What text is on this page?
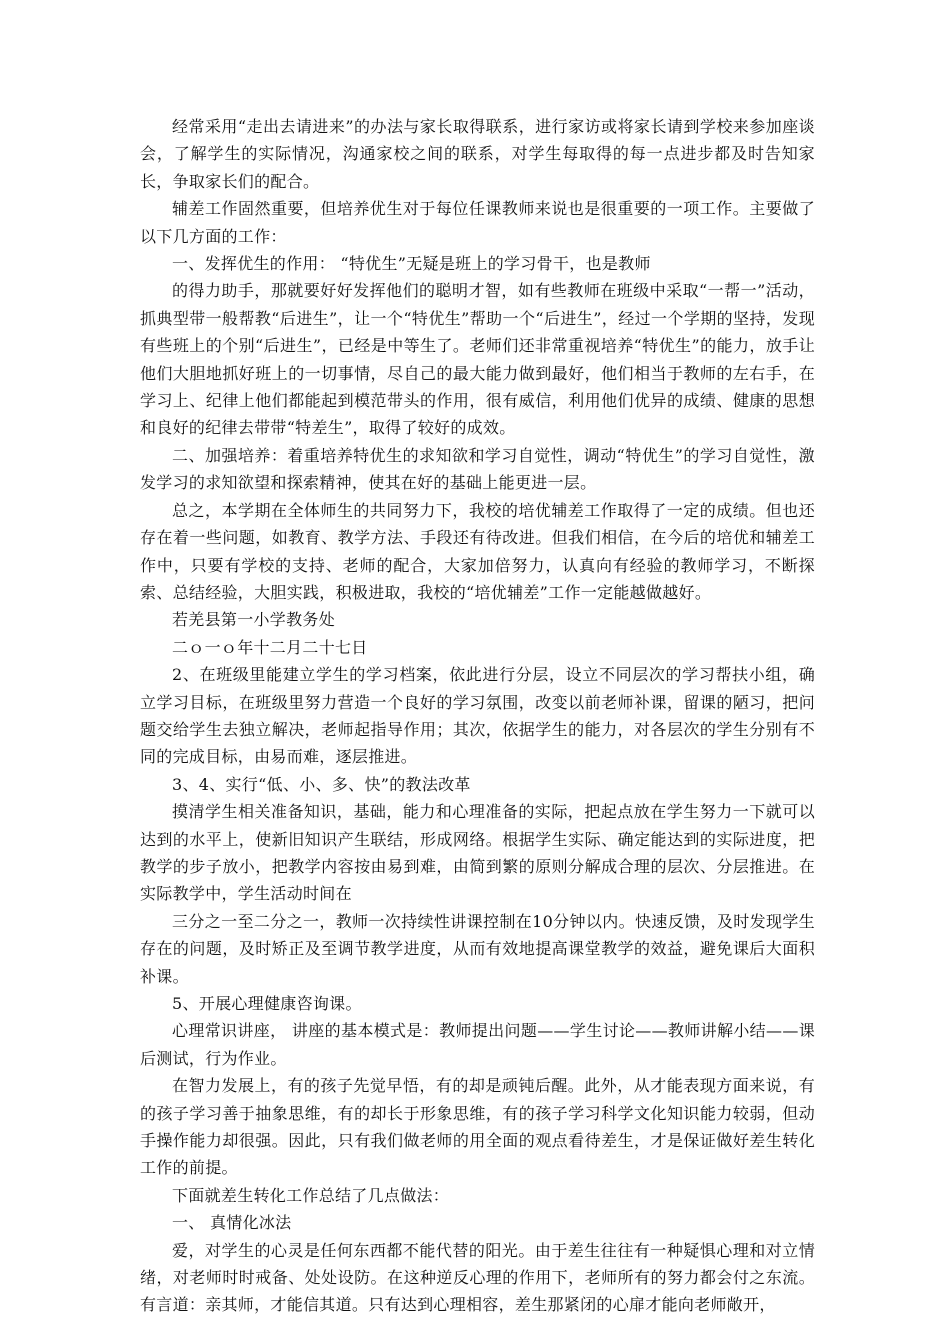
经常采用“走出去请进来”的办法与家长取得联系，进行家访或将家长请到学校来参加座谈会，了解学生的实际情况，沟通家校之间的联系，对学生每取得的每一点进步都及时告知家长，争取家长们的配合。

辅差工作固然重要，但培养优生对于每位任课教师来说也是很重要的一项工作。主要做了以下几方面的工作：

一、发挥优生的作用： “特优生”无疑是班上的学习骨干，也是教师

的得力助手，那就要好好发挥他们的聪明才智，如有些教师在班级中采取“一帮一”活动，抓典型带一般帮教“后进生”，让一个“特优生”帮助一个“后进生”，经过一个学期的坚持，发现有些班上的个别“后进生”，已经是中等生了。老师们还非常重视培养“特优生”的能力，放手让他们大胆地抓好班上的一切事情，尽自己的最大能力做到最好，他们相当于教师的左右手，在学习上、纪律上他们都能起到模范带头的作用，很有威信，利用他们优异的成绩、健康的思想和良好的纪律去带带“特差生”，取得了较好的成效。

二、加强培养：着重培养特优生的求知欲和学习自觉性，调动“特优生”的学习自觉性，激发学习的求知欲望和探索精神，使其在好的基础上能更进一层。

总之，本学期在全体师生的共同努力下，我校的培优辅差工作取得了一定的成绩。但也还存在着一些问题，如教育、教学方法、手段还有待改进。但我们相信，在今后的培优和辅差工作中，只要有学校的支持、老师的配合，大家加倍努力，认真向有经验的教师学习，不断探索、总结经验，大胆实践，积极进取，我校的“培优辅差”工作一定能越做越好。

若羌县第一小学教务处

二ｏ一ｏ年十二月二十七日

2、在班级里能建立学生的学习档案，依此进行分层，设立不同层次的学习帮扶小组，确立学习目标，在班级里努力营造一个良好的学习氛围，改变以前老师补课，留课的陋习，把问题交给学生去独立解决，老师起指导作用；其次，依据学生的能力，对各层次的学生分别有不同的完成目标，由易而难，逐层推进。

3、4、实行“低、小、多、快”的教法改革

摸清学生相关准备知识，基础，能力和心理准备的实际，把起点放在学生努力一下就可以达到的水平上，使新旧知识产生联结，形成网络。根据学生实际、确定能达到的实际进度，把教学的步子放小，把教学内容按由易到难，由简到繁的原则分解成合理的层次、分层推进。在实际教学中，学生活动时间在

三分之一至二分之一，教师一次持续性讲课控制在10分钟以内。快速反馈，及时发现学生存在的问题，及时矫正及至调节教学进度，从而有效地提高课堂教学的效益，避免课后大面积补课。

5、开展心理健康咨询课。

心理常识讲座， 讲座的基本模式是：教师提出问题——学生讨论——教师讲解小结——课后测试，行为作业。

在智力发展上，有的孩子先觉早悟，有的却是顽钝后醒。此外，从才能表现方面来说，有的孩子学习善于抽象思维，有的却长于形象思维，有的孩子学习科学文化知识能力较弱，但动手操作能力却很强。因此，只有我们做老师的用全面的观点看待差生，才是保证做好差生转化工作的前提。

下面就差生转化工作总结了几点做法：

一、 真情化冰法

爱，对学生的心灵是任何东西都不能代替的阳光。由于差生往往有一种疑惧心理和对立情绪，对老师时时戒备、处处设防。在这种逆反心理的作用下，老师所有的努力都会付之东流。有言道：亲其师，才能信其道。只有达到心理相容，差生那紧闭的心扉才能向老师敞开，
